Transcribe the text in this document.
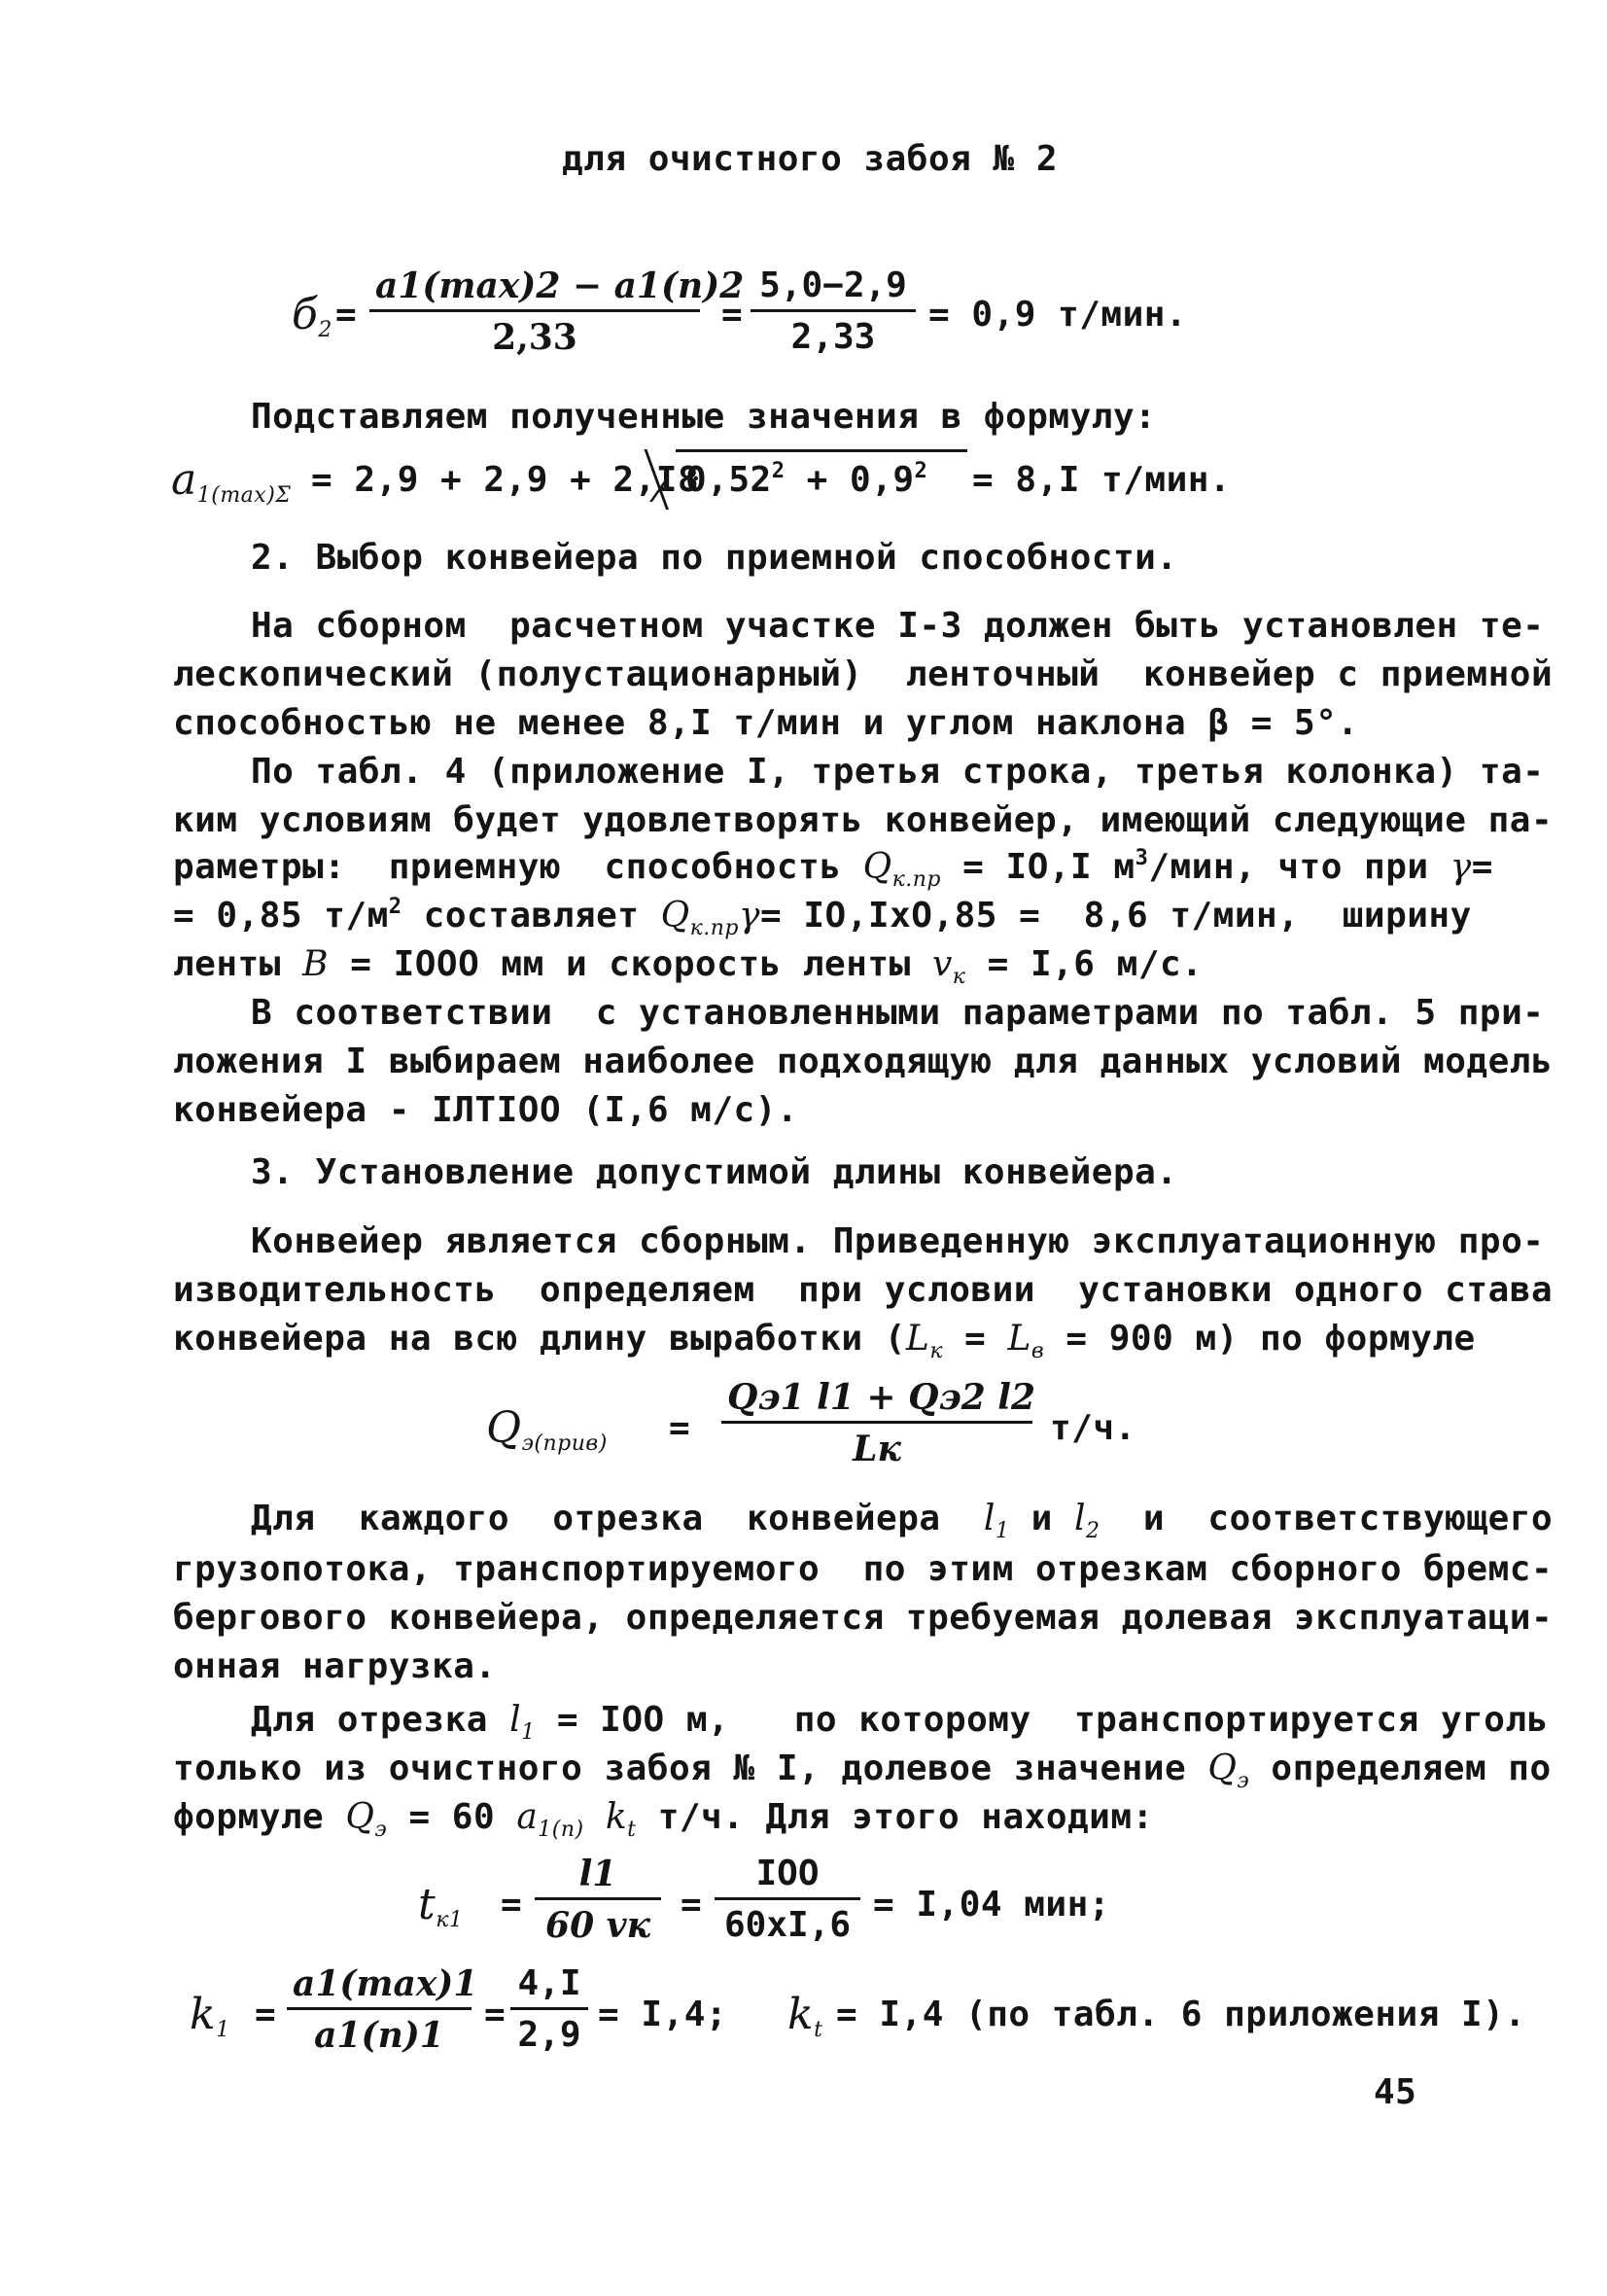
для очистного забоя № 2
б2 =
a1(max)2 − a1(n)2
2,33
= $\frac{5,0-2,9}{2,33} = 0,9$ т/мин.
Подставляем полученные значения в формулу:
a1(max)Σ = 2,9 + 2,9 + 2,I8
$0,52^2 + 0,9^2 = 8,I$ т/мин.
2. Выбор конвейера по приемной способности.
На сборном  расчетном участке I-3 должен быть установлен те-
лескопический (полустационарный)  ленточный  конвейер с приемной
способностью не менее 8,I т/мин и углом наклона β = 5°.
По табл. 4 (приложение I, третья строка, третья колонка) та-
ким условиям будет удовлетворять конвейер, имеющий следующие па-
раметры:  приемную  способность $Q_{к.пр} = IO,I$ $м^3$/мин, что при γ=
= 0,85 $т/м^2$ составляет $Q_{к.пр}\gamma= IO,IxO,85 = 8,6$ т/мин,  ширину
ленты B = IOOO мм и скорость ленты $v_к = I,6$ м/с.
В соответствии  с установленными параметрами по табл. 5 при-
ложения I выбираем наиболее подходящую для данных условий модель
конвейера - IЛТIOO (I,6 м/с).
3. Установление допустимой длины конвейера.
Конвейер является сборным. Приведенную эксплуатационную про-
изводительность  определяем  при условии  установки одного става
конвейера на всю длину выработки ($L_к = L_в = 900$ м) по формуле
Qэ(прив) =
Qэ1 l1 + Qэ2 l2
Lк
т/ч.
Для  каждого  отрезка  конвейера $l_1$ и $l_2$ и  соответствующего
грузопотока, транспортируемого  по этим отрезкам сборного бремс-
бергового конвейера, определяется требуемая долевая эксплуатаци-
онная нагрузка.
Для отрезка $l_1$ = IOO м,   по которому  транспортируется уголь
только из очистного забоя № I, долевое значение $Q_э$ определяем по
формуле $Q_э = 60$ $a_{1(п)}$ $k_t$ т/ч. Для этого находим:
tк1 =
l1
60 vк
=
IOO
60xI,6
= I,04 мин;
k1 =
a1(max)1
a1(п)1
= $\frac{4,I}{2,9} = I,4$; kt = I,4 (по табл. 6 приложения I).
45
